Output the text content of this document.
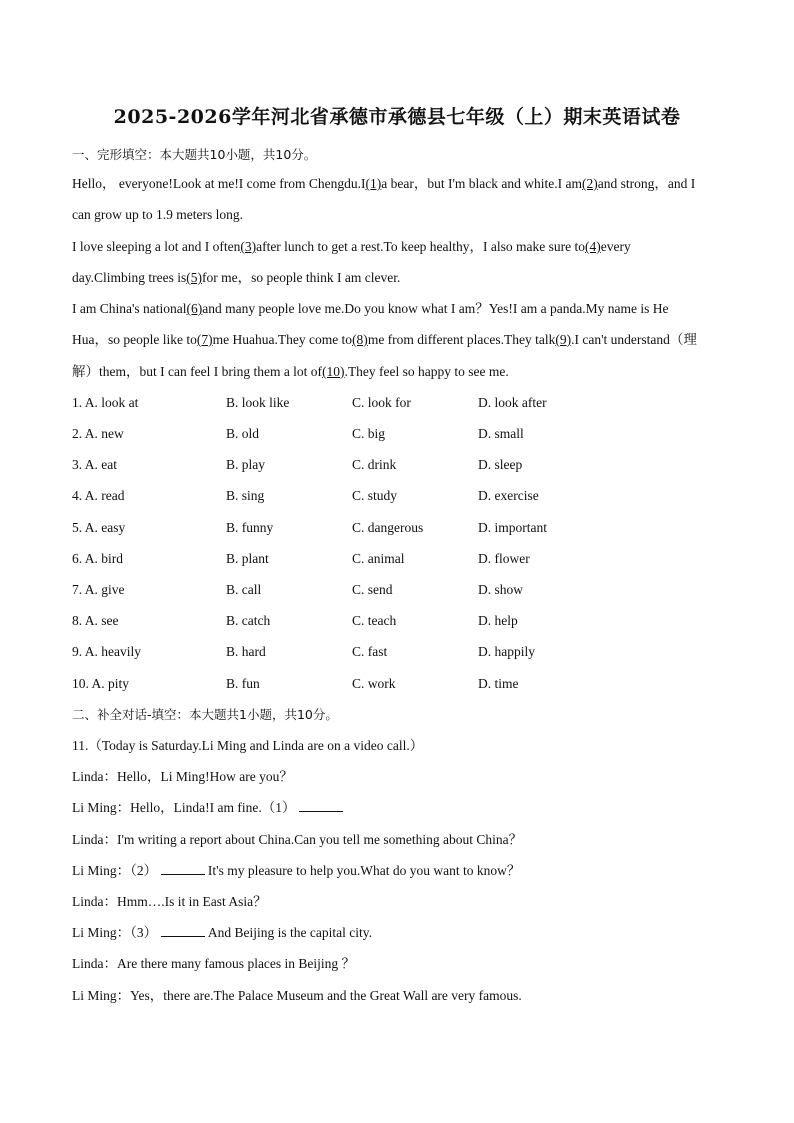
2025-2026学年河北省承德市承德县七年级（上）期末英语试卷
一、完形填空：本大题共10小题，共10分。
Hello， everyone!Look at me!I come from Chengdu.I(1)a bear，but I'm black and white.I am(2)and strong，and I
can grow up to 1.9 meters long.
I love sleeping a lot and I often(3)after lunch to get a rest.To keep healthy，I also make sure to(4)every
day.Climbing trees is(5)for me，so people think I am clever.
I am China's national(6)and many people love me.Do you know what I am？Yes!I am a panda.My name is He
Hua，so people like to(7)me Huahua.They come to(8)me from different places.They talk(9).I can't understand（理
解）them，but I can feel I bring them a lot of(10).They feel so happy to see me.
1. A. look at	B. look like	C. look for	D. look after
2. A. new	B. old	C. big	D. small
3. A. eat	B. play	C. drink	D. sleep
4. A. read	B. sing	C. study	D. exercise
5. A. easy	B. funny	C. dangerous	D. important
6. A. bird	B. plant	C. animal	D. flower
7. A. give	B. call	C. send	D. show
8. A. see	B. catch	C. teach	D. help
9. A. heavily	B. hard	C. fast	D. happily
10. A. pity	B. fun	C. work	D. time
二、补全对话-填空：本大题共1小题，共10分。
11.（Today is Saturday.Li Ming and Linda are on a video call.）
Linda：Hello，Li Ming!How are you？
Li Ming：Hello，Linda!I am fine.（1）
Linda：I'm writing a report about China.Can you tell me something about China？
Li Ming：（2）	It's my pleasure to help you.What do you want to know？
Linda：Hmm….Is it in East Asia？
Li Ming：（3）	And Beijing is the capital city.
Linda：Are there many famous places in Beijing ？
Li Ming：Yes，there are.The Palace Museum and the Great Wall are very famous.
